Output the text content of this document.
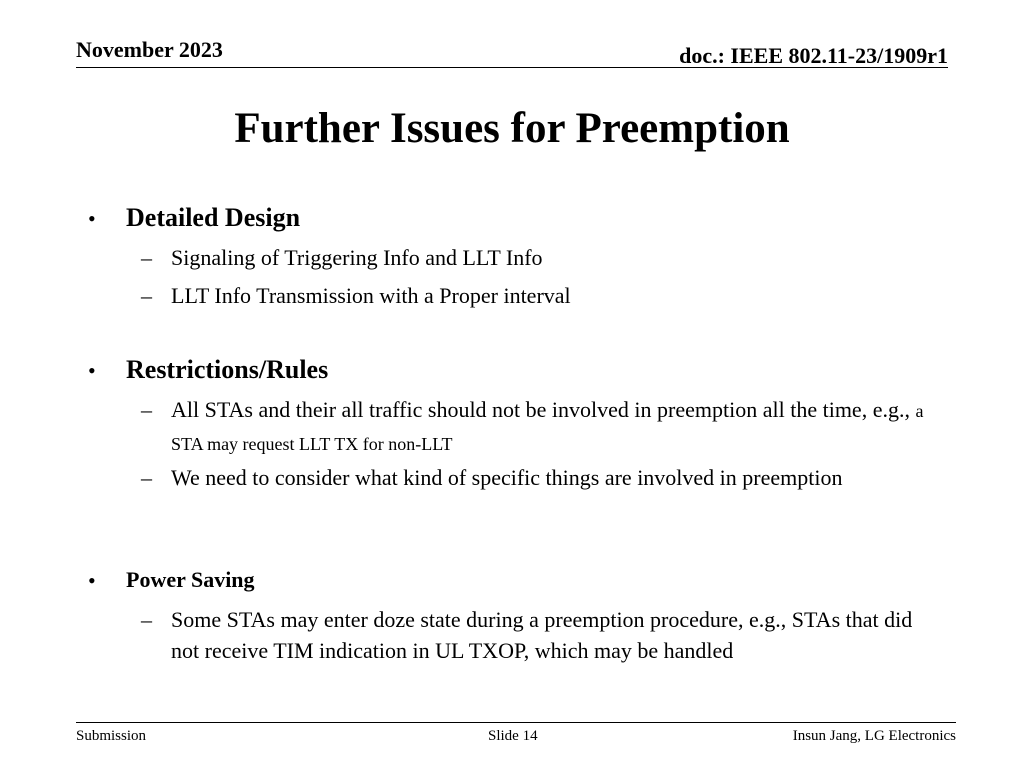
November 2023	doc.: IEEE 802.11-23/1909r1
Further Issues for Preemption
• Detailed Design
– Signaling of Triggering Info and LLT Info
– LLT Info Transmission with a Proper interval
• Restrictions/Rules
– All STAs and their all traffic should not be involved in preemption all the time, e.g., a STA may request LLT TX for non-LLT
– We need to consider what kind of specific things are involved in preemption
• Power Saving
– Some STAs may enter doze state during a preemption procedure, e.g., STAs that did not receive TIM indication in UL TXOP, which may be handled
Submission	Slide 14	Insun Jang, LG Electronics
